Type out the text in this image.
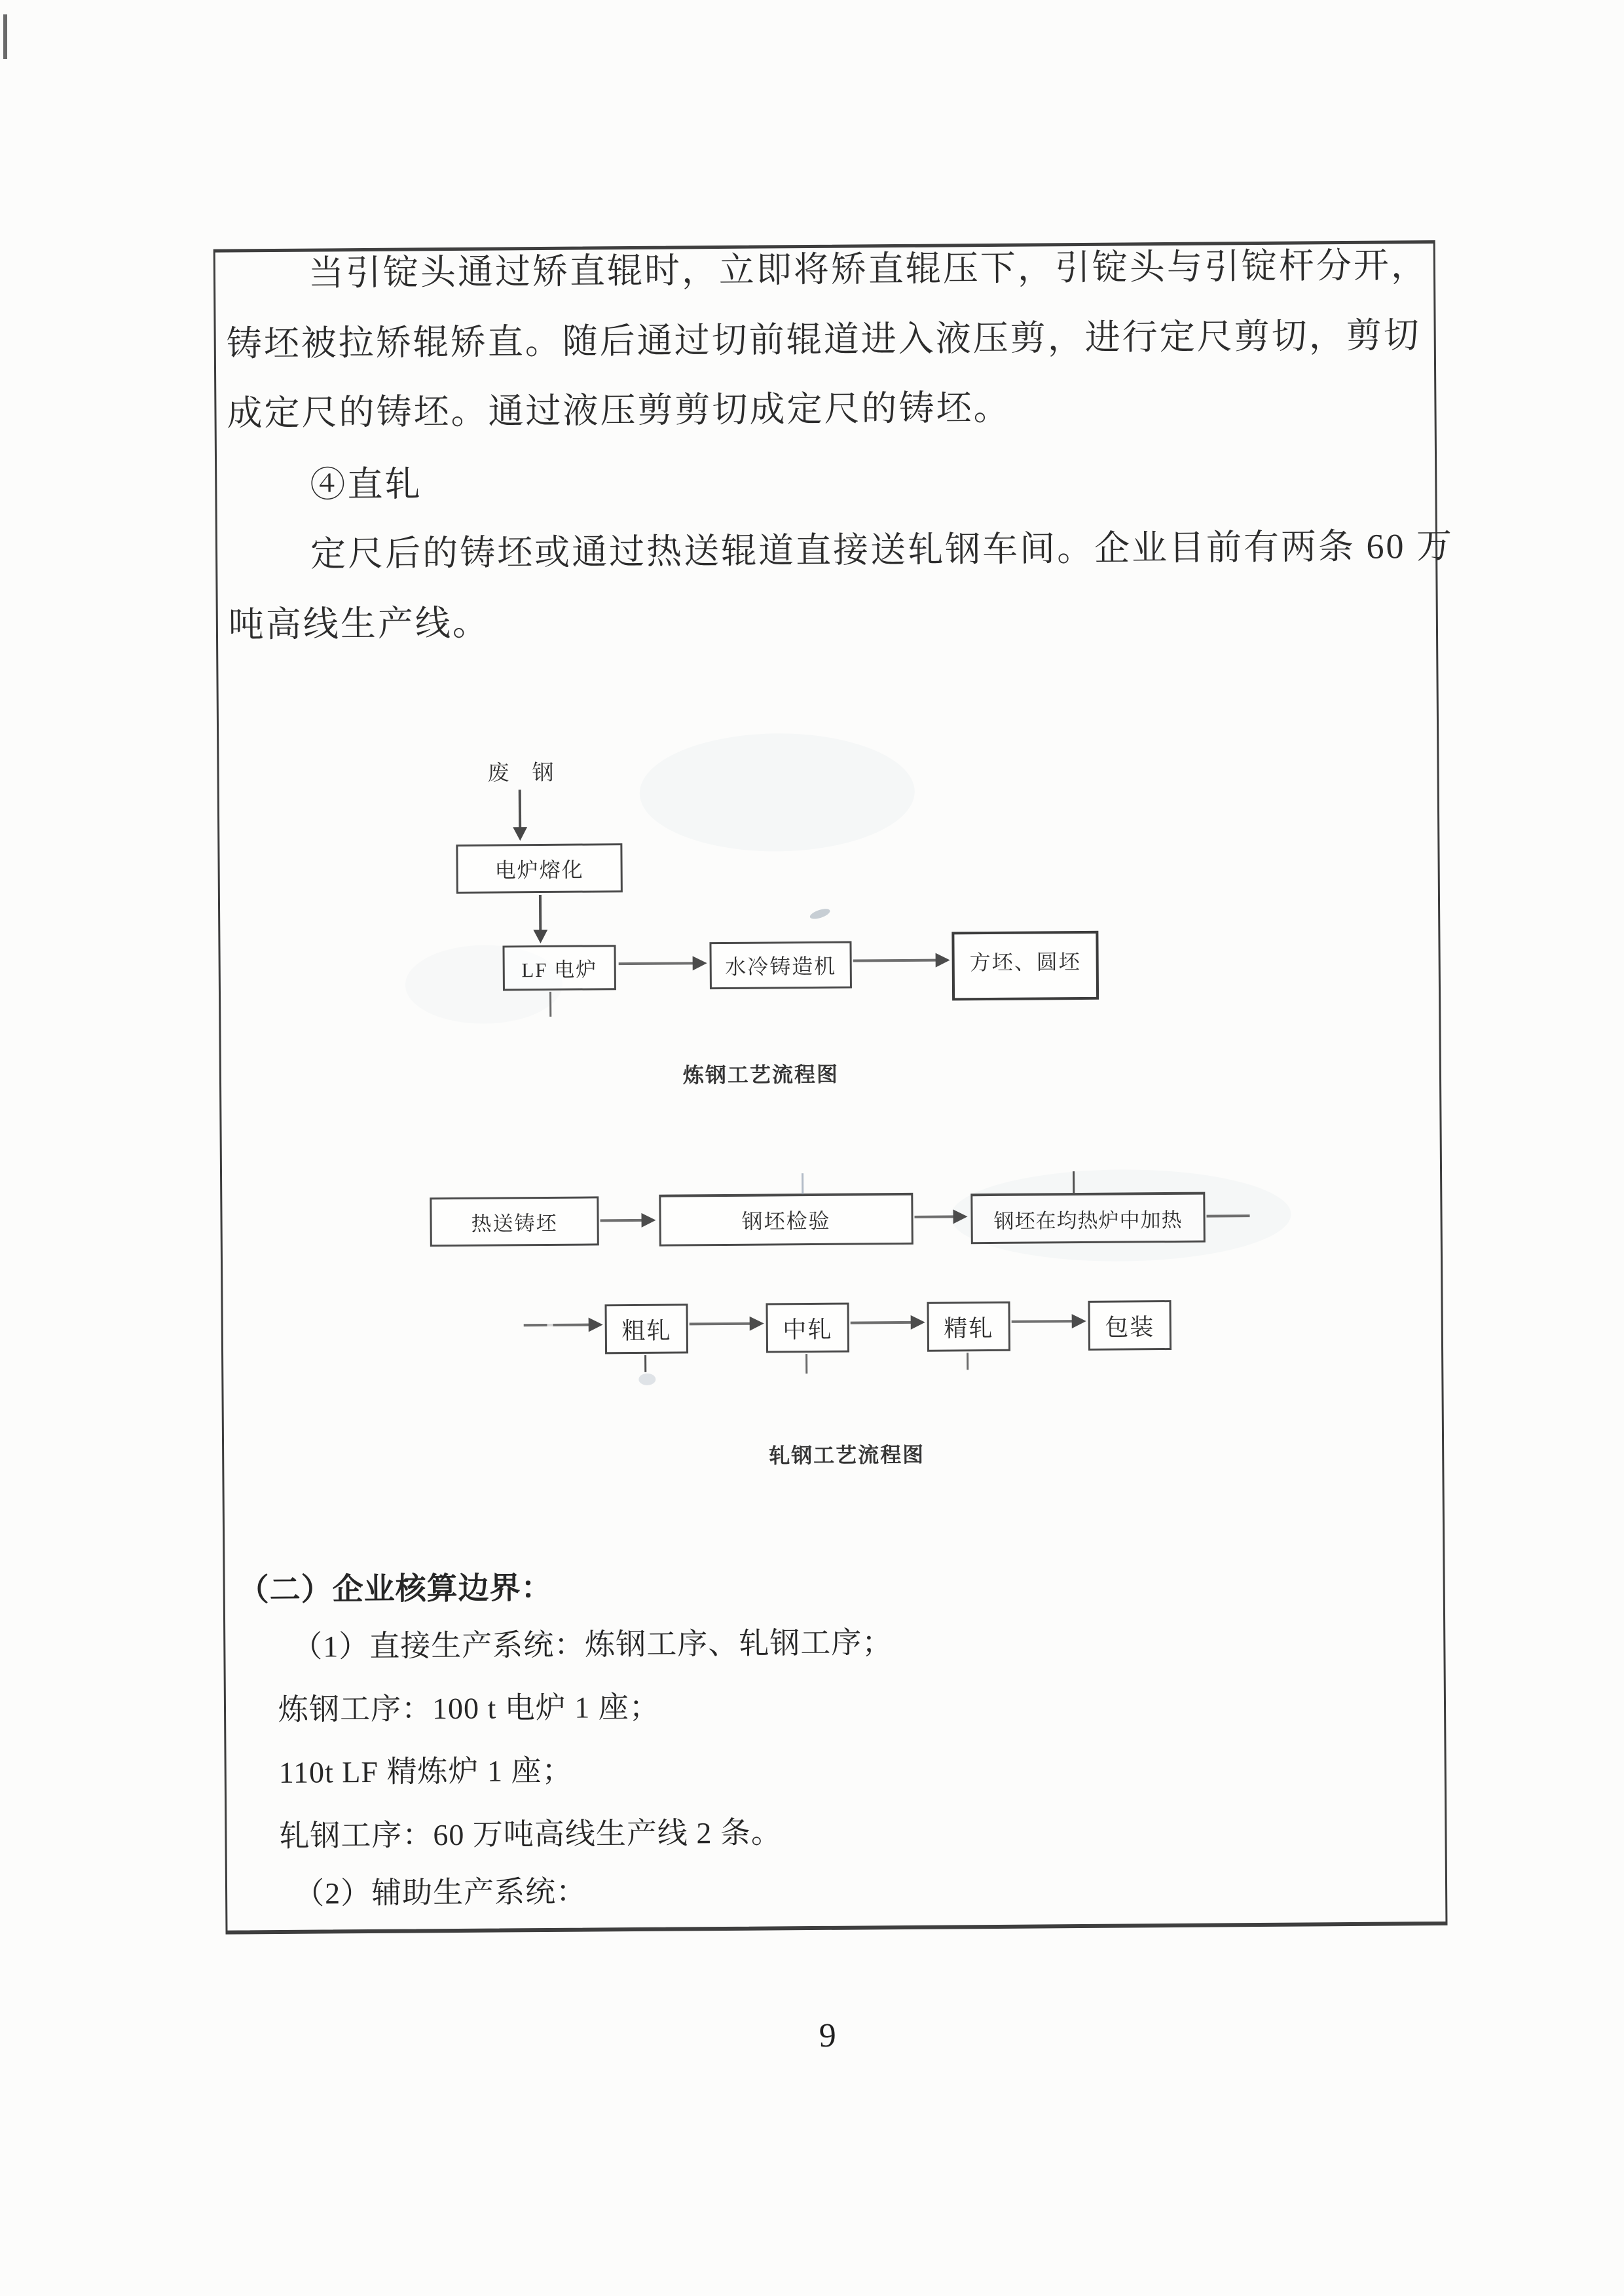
当引锭头通过矫直辊时，立即将矫直辊压下，引锭头与引锭杆分开，
铸坯被拉矫辊矫直。随后通过切前辊道进入液压剪，进行定尺剪切，剪切
成定尺的铸坯。通过液压剪剪切成定尺的铸坯。
④直轧
定尺后的铸坯或通过热送辊道直接送轧钢车间。企业目前有两条 60 万
吨高线生产线。
废　钢
电炉熔化
LF 电炉	水冷铸造机	方坯、圆坯
炼钢工艺流程图
热送铸坯	钢坯检验	钢坯在均热炉中加热
粗轧	中轧	精轧	包装
轧钢工艺流程图
（二）企业核算边界：
（1）直接生产系统：炼钢工序、轧钢工序；
炼钢工序：100 t 电炉 1 座；
110t LF 精炼炉 1 座；
轧钢工序：60 万吨高线生产线 2 条。
（2）辅助生产系统：
9
